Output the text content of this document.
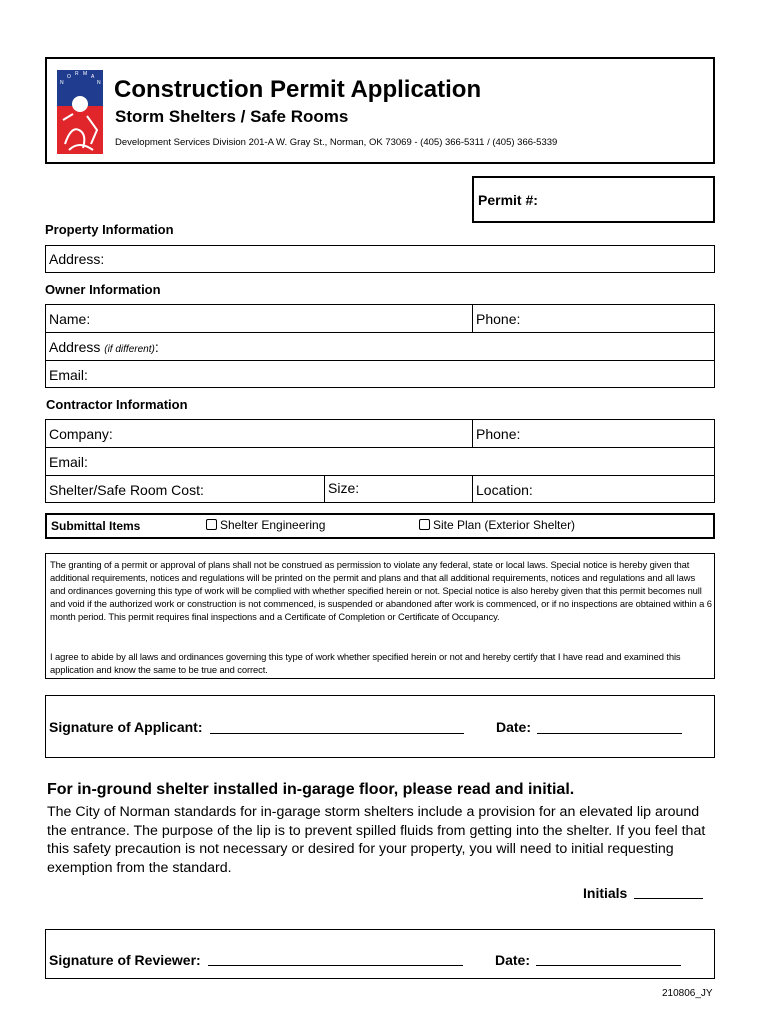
N
O R M A
N Construction Permit Application
Storm Shelters / Safe Rooms
Development Services Division 201-A W. Gray St., Norman, OK 73069 - (405) 366-5311 / (405) 366-5339
Permit #:
Property Information
Address:
Owner Information
Name:	Phone:
Address (if different):
Email:
Contractor Information
Company:	Phone:
Email:
Shelter/Safe Room Cost:	Size:	Location:
Submittal Items	Shelter Engineering	Site Plan (Exterior Shelter)
The granting of a permit or approval of plans shall not be construed as permission to violate any federal, state or local laws. Special notice is hereby given that additional requirements, notices and regulations will be printed on the permit and plans and that all additional requirements, notices and regulations and all laws and ordinances governing this type of work will be complied with whether specified herein or not. Special notice is also hereby given that this permit becomes null and void if the authorized work or construction is not commenced, is suspended or abandoned after work is commenced, or if no inspections are obtained within a 6 month period. This permit requires final inspections and a Certificate of Completion or Certificate of Occupancy.
I agree to abide by all laws and ordinances governing this type of work whether specified herein or not and hereby certify that I have read and examined this application and know the same to be true and correct.
Signature of Applicant:	Date:
For in-ground shelter installed in-garage floor, please read and initial.
The City of Norman standards for in-garage storm shelters include a provision for an elevated lip around the entrance. The purpose of the lip is to prevent spilled fluids from getting into the shelter. If you feel that this safety precaution is not necessary or desired for your property, you will need to initial requesting exemption from the standard.
Initials
Signature of Reviewer:	Date:
210806_JY
